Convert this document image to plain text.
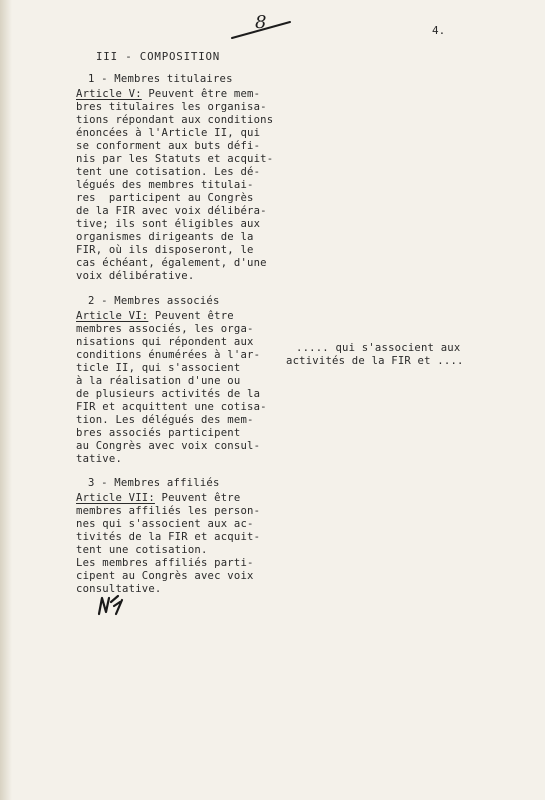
8	4.
III - COMPOSITION
1 - Membres titulaires
Article V: Peuvent être mem-
bres titulaires les organisa-
tions répondant aux conditions
énoncées à l'Article II, qui
se conforment aux buts défi-
nis par les Statuts et acquit-
tent une cotisation. Les dé-
légués des membres titulai-
res  participent au Congrès
de la FIR avec voix délibéra-
tive; ils sont éligibles aux
organismes dirigeants de la
FIR, où ils disposeront, le
cas échéant, également, d'une
voix délibérative.
2 - Membres associés
Article VI: Peuvent être
membres associés, les orga-
nisations qui répondent aux
conditions énumérées à l'ar-
ticle II, qui s'associent
à la réalisation d'une ou
de plusieurs activités de la
FIR et acquittent une cotisa-
tion. Les délégués des mem-
bres associés participent
au Congrès avec voix consul-
tative.
..... qui s'associent aux
activités de la FIR et ....
3 - Membres affiliés
Article VII: Peuvent être
membres affiliés les person-
nes qui s'associent aux ac-
tivités de la FIR et acquit-
tent une cotisation.
Les membres affiliés parti-
cipent au Congrès avec voix
consultative.
